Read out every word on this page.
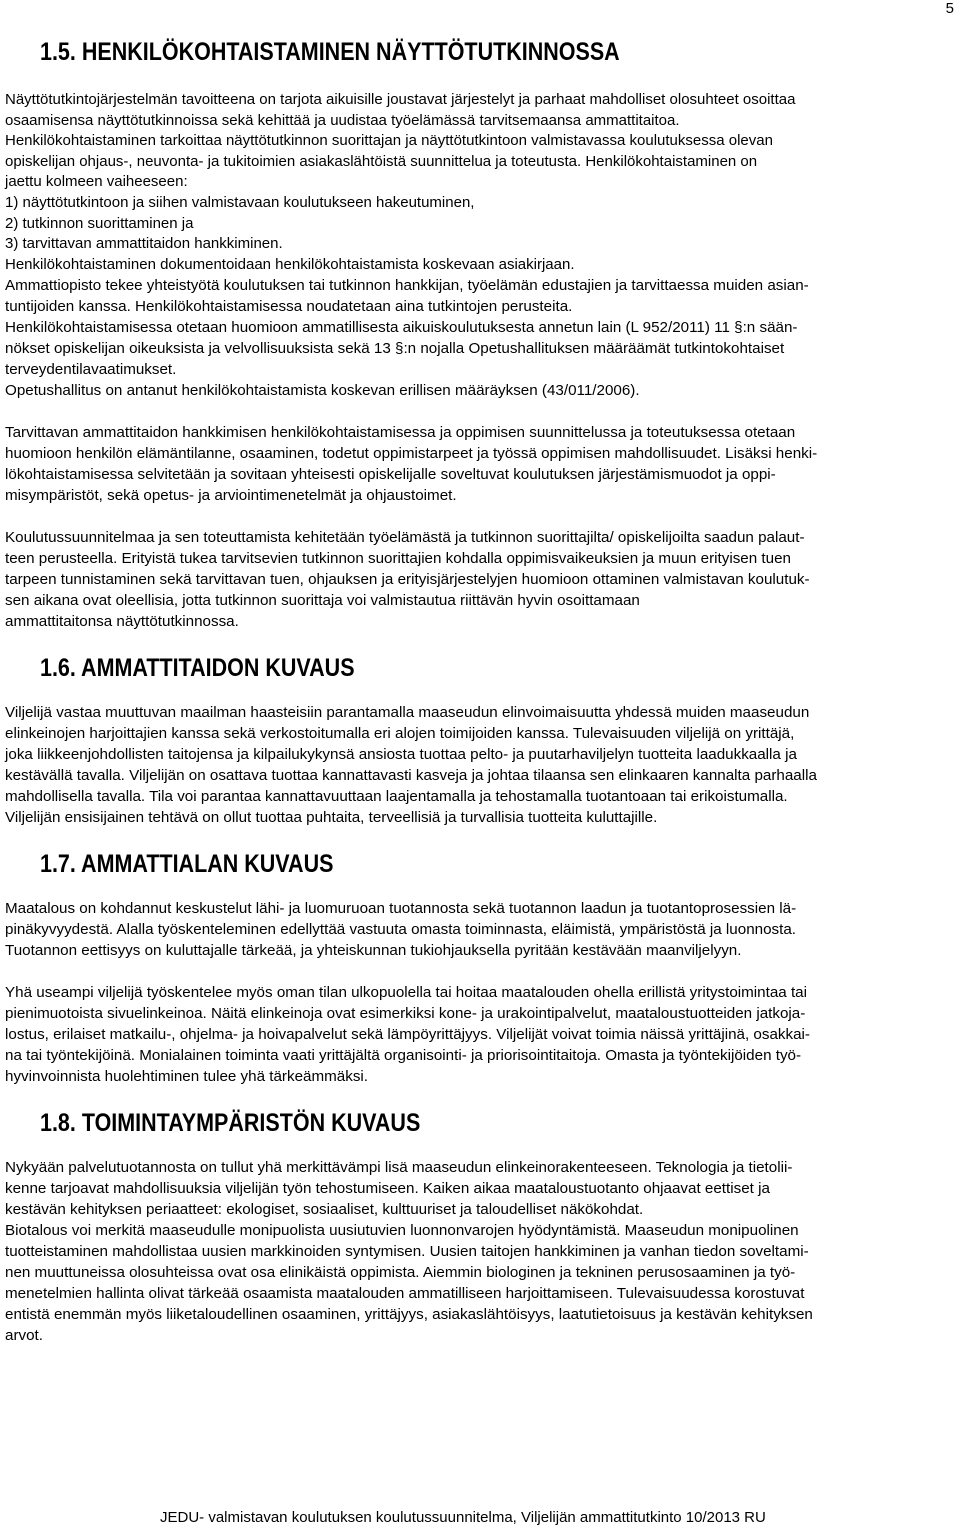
5
1.5. HENKILÖKOHTAISTAMINEN NÄYTTÖTUTKINNOSSA
Näyttötutkintojärjestelmän tavoitteena on tarjota aikuisille joustavat järjestelyt ja parhaat mahdolliset olosuhteet osoittaa
osaamisensa näyttötutkinnoissa sekä kehittää ja uudistaa työelämässä tarvitsemaansa ammattitaitoa.
Henkilökohtaistaminen tarkoittaa näyttötutkinnon suorittajan ja näyttötutkintoon valmistavassa koulutuksessa olevan
opiskelijan ohjaus-, neuvonta- ja tukitoimien asiakaslähtöistä suunnittelua ja toteutusta. Henkilökohtaistaminen on
jaettu kolmeen vaiheeseen:
1) näyttötutkintoon ja siihen valmistavaan koulutukseen hakeutuminen,
2) tutkinnon suorittaminen ja
3) tarvittavan ammattitaidon hankkiminen.
Henkilökohtaistaminen dokumentoidaan henkilökohtaistamista koskevaan asiakirjaan.
Ammattiopisto tekee yhteistyötä koulutuksen tai tutkinnon hankkijan, työelämän edustajien ja tarvittaessa muiden asian-
tuntijoiden kanssa. Henkilökohtaistamisessa noudatetaan aina tutkintojen perusteita.
Henkilökohtaistamisessa otetaan huomioon ammatillisesta aikuiskoulutuksesta annetun lain (L 952/2011) 11 §:n sään-
nökset opiskelijan oikeuksista ja velvollisuuksista sekä 13 §:n nojalla Opetushallituksen määräämät tutkintokohtaiset
terveydentilavaatimukset.
Opetushallitus on antanut henkilökohtaistamista koskevan erillisen määräyksen (43/011/2006).
Tarvittavan ammattitaidon hankkimisen henkilökohtaistamisessa ja oppimisen suunnittelussa ja toteutuksessa otetaan
huomioon henkilön elämäntilanne, osaaminen, todetut oppimistarpeet ja työssä oppimisen mahdollisuudet. Lisäksi henki-
lökohtaistamisessa selvitetään ja sovitaan yhteisesti opiskelijalle soveltuvat koulutuksen järjestämismuodot ja oppi-
misympäristöt, sekä opetus- ja arviointimenetelmät ja ohjaustoimet.
Koulutussuunnitelmaa ja sen toteuttamista kehitetään työelämästä ja tutkinnon suorittajilta/ opiskelijoilta saadun palaut-
teen perusteella. Erityistä tukea tarvitsevien tutkinnon suorittajien kohdalla oppimisvaikeuksien ja muun erityisen tuen
tarpeen tunnistaminen sekä tarvittavan tuen, ohjauksen ja erityisjärjestelyjen huomioon ottaminen valmistavan koulutuk-
sen aikana ovat oleellisia, jotta tutkinnon suorittaja voi valmistautua riittävän hyvin osoittamaan
ammattitaitonsa näyttötutkinnossa.
1.6. AMMATTITAIDON KUVAUS
Viljelijä vastaa muuttuvan maailman haasteisiin parantamalla maaseudun elinvoimaisuutta yhdessä muiden maaseudun
elinkeinojen harjoittajien kanssa sekä verkostoitumalla eri alojen toimijoiden kanssa. Tulevaisuuden viljelijä on yrittäjä,
joka liikkeenjohdollisten taitojensa ja kilpailukykynsä ansiosta tuottaa pelto- ja puutarhaviljelyn tuotteita laadukkaalla ja
kestävällä tavalla. Viljelijän on osattava tuottaa kannattavasti kasveja ja johtaa tilaansa sen elinkaaren kannalta parhaalla
mahdollisella tavalla. Tila voi parantaa kannattavuuttaan laajentamalla ja tehostamalla tuotantoaan tai erikoistumalla.
Viljelijän ensisijainen tehtävä on ollut tuottaa puhtaita, terveellisiä ja turvallisia tuotteita kuluttajille.
1.7. AMMATTIALAN KUVAUS
Maatalous on kohdannut keskustelut lähi- ja luomuruoan tuotannosta sekä tuotannon laadun ja tuotantoprosessien lä-
pinäkyvyydestä. Alalla työskenteleminen edellyttää vastuuta omasta toiminnasta, eläimistä, ympäristöstä ja luonnosta.
Tuotannon eettisyys on kuluttajalle tärkeää, ja yhteiskunnan tukiohjauksella pyritään kestävään maanviljelyyn.
Yhä useampi viljelijä työskentelee myös oman tilan ulkopuolella tai hoitaa maatalouden ohella erillistä yritystoimintaa tai
pienimuotoista sivuelinkeinoa. Näitä elinkeinoja ovat esimerkiksi kone- ja urakointipalvelut, maataloustuotteiden jatkoja-
lostus, erilaiset matkailu-, ohjelma- ja hoivapalvelut sekä lämpöyrittäjyys. Viljelijät voivat toimia näissä yrittäjinä, osakkai-
na tai työntekijöinä. Monialainen toiminta vaati yrittäjältä organisointi- ja priorisointitaitoja. Omasta ja työntekijöiden työ-
hyvinvoinnista huolehtiminen tulee yhä tärkeämmäksi.
1.8. TOIMINTAYMPÄRISTÖN KUVAUS
Nykyään palvelutuotannosta on tullut yhä merkittävämpi lisä maaseudun elinkeinorakenteeseen. Teknologia ja tietolii-
kenne tarjoavat mahdollisuuksia viljelijän työn tehostumiseen. Kaiken aikaa maataloustuotanto ohjaavat eettiset ja
kestävän kehityksen periaatteet: ekologiset, sosiaaliset, kulttuuriset ja taloudelliset näkökohdat.
Biotalous voi merkitä maaseudulle monipuolista uusiutuvien luonnonvarojen hyödyntämistä. Maaseudun monipuolinen
tuotteistaminen mahdollistaa uusien markkinoiden syntymisen. Uusien taitojen hankkiminen ja vanhan tiedon soveltami-
nen muuttuneissa olosuhteissa ovat osa elinikäistä oppimista. Aiemmin biologinen ja tekninen perusosaaminen ja työ-
menetelmien hallinta olivat tärkeää osaamista maatalouden ammatilliseen harjoittamiseen. Tulevaisuudessa korostuvat
entistä enemmän myös liiketaloudellinen osaaminen, yrittäjyys, asiakaslähtöisyys, laatutietoisuus ja kestävän kehityksen
arvot.
JEDU- valmistavan koulutuksen koulutussuunnitelma, Viljelijän ammattitutkinto 10/2013 RU
